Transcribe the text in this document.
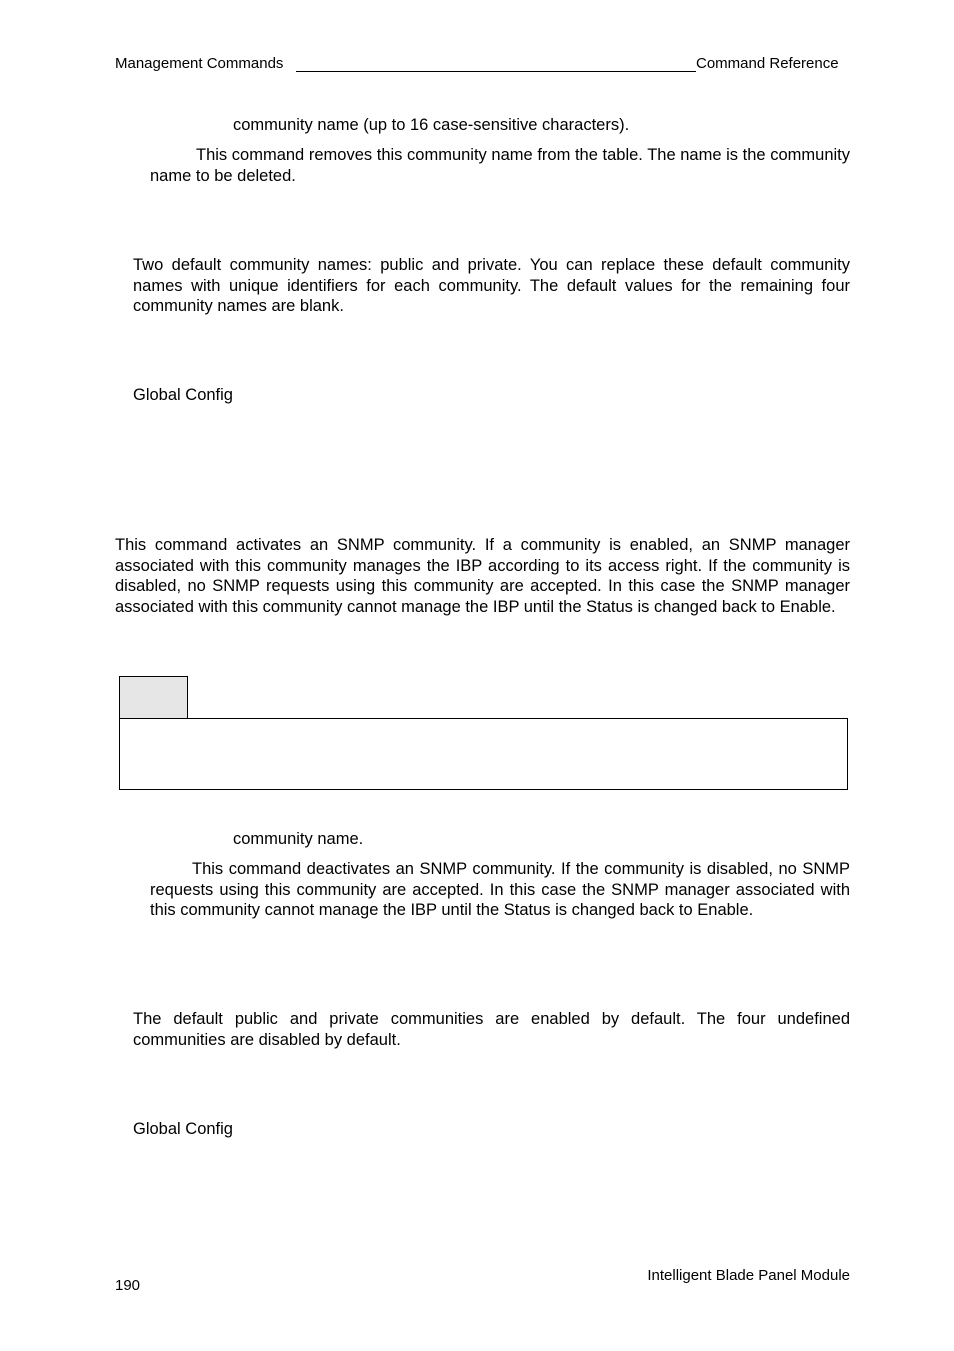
Management Commands	Command Reference
community name (up to 16 case-sensitive characters).
This command removes this community name from the table. The name is the community name to be deleted.
Two default community names: public and private. You can replace these default community names with unique identifiers for each community. The default values for the remaining four community names are blank.
Global Config
This command activates an SNMP community. If a community is enabled, an SNMP manager associated with this community manages the IBP according to its access right. If the community is disabled, no SNMP requests using this community are accepted. In this case the SNMP manager associated with this community cannot manage the IBP until the Status is changed back to Enable.
community name.
This command deactivates an SNMP community. If the community is disabled, no SNMP requests using this community are accepted. In this case the SNMP manager associated with this community cannot manage the IBP until the Status is changed back to Enable.
The default public and private communities are enabled by default. The four undefined communities are disabled by default.
Global Config
190
Intelligent Blade Panel Module
